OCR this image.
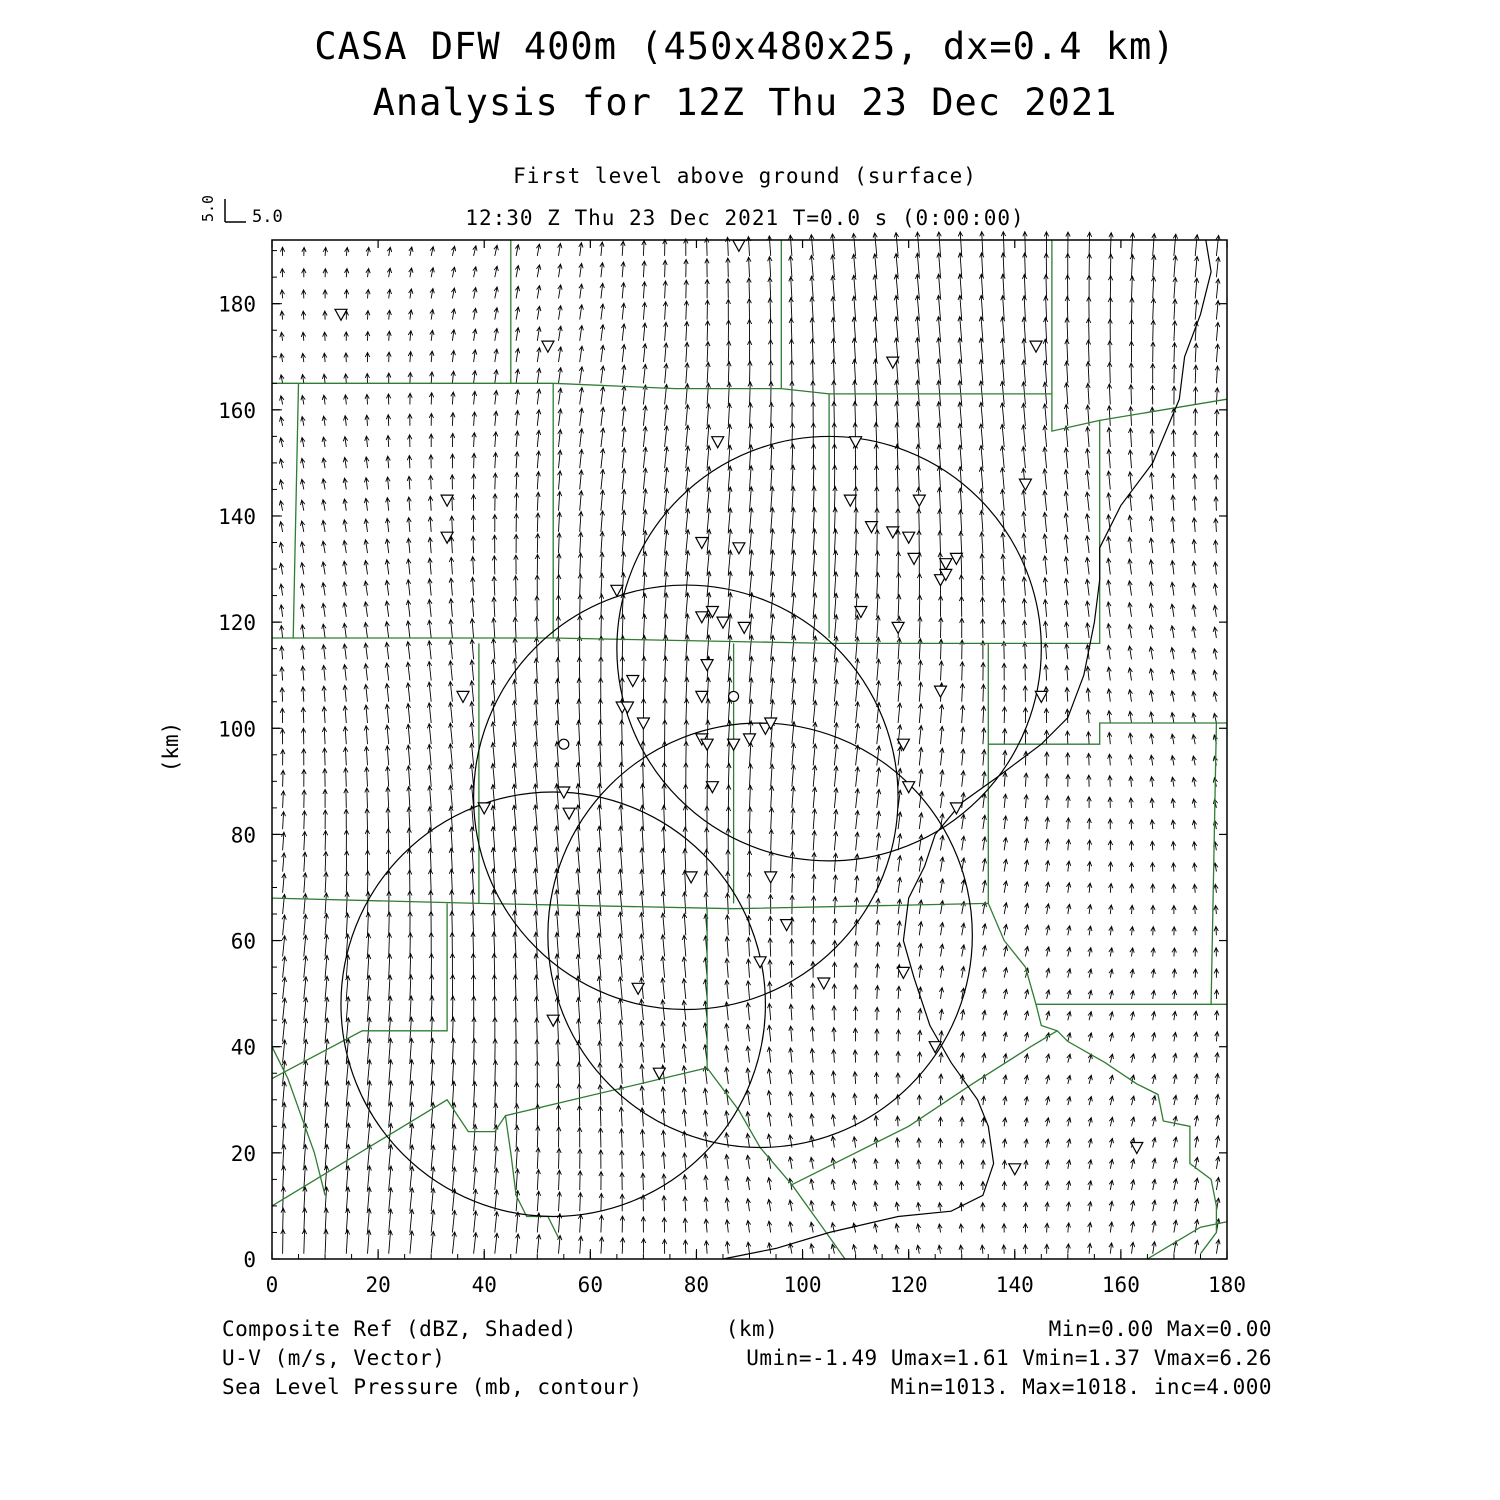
CASA DFW 400m (450x480x25, dx=0.4 km)
Analysis for 12Z Thu 23 Dec 2021
First level above ground (surface)
12:30 Z Thu 23 Dec 2021 T=0.0 s (0:00:00)
5.0 5.0
0	20	40	60	80	100	120	140	160	180
0
20
40
60
80
100
120
140
160
180
(km)
Composite Ref (dBZ, Shaded)	(km)	Min=0.00 Max=0.00
U-V (m/s, Vector)	Umin=-1.49 Umax=1.61 Vmin=1.37 Vmax=6.26
Sea Level Pressure (mb, contour)	Min=1013. Max=1018. inc=4.000
